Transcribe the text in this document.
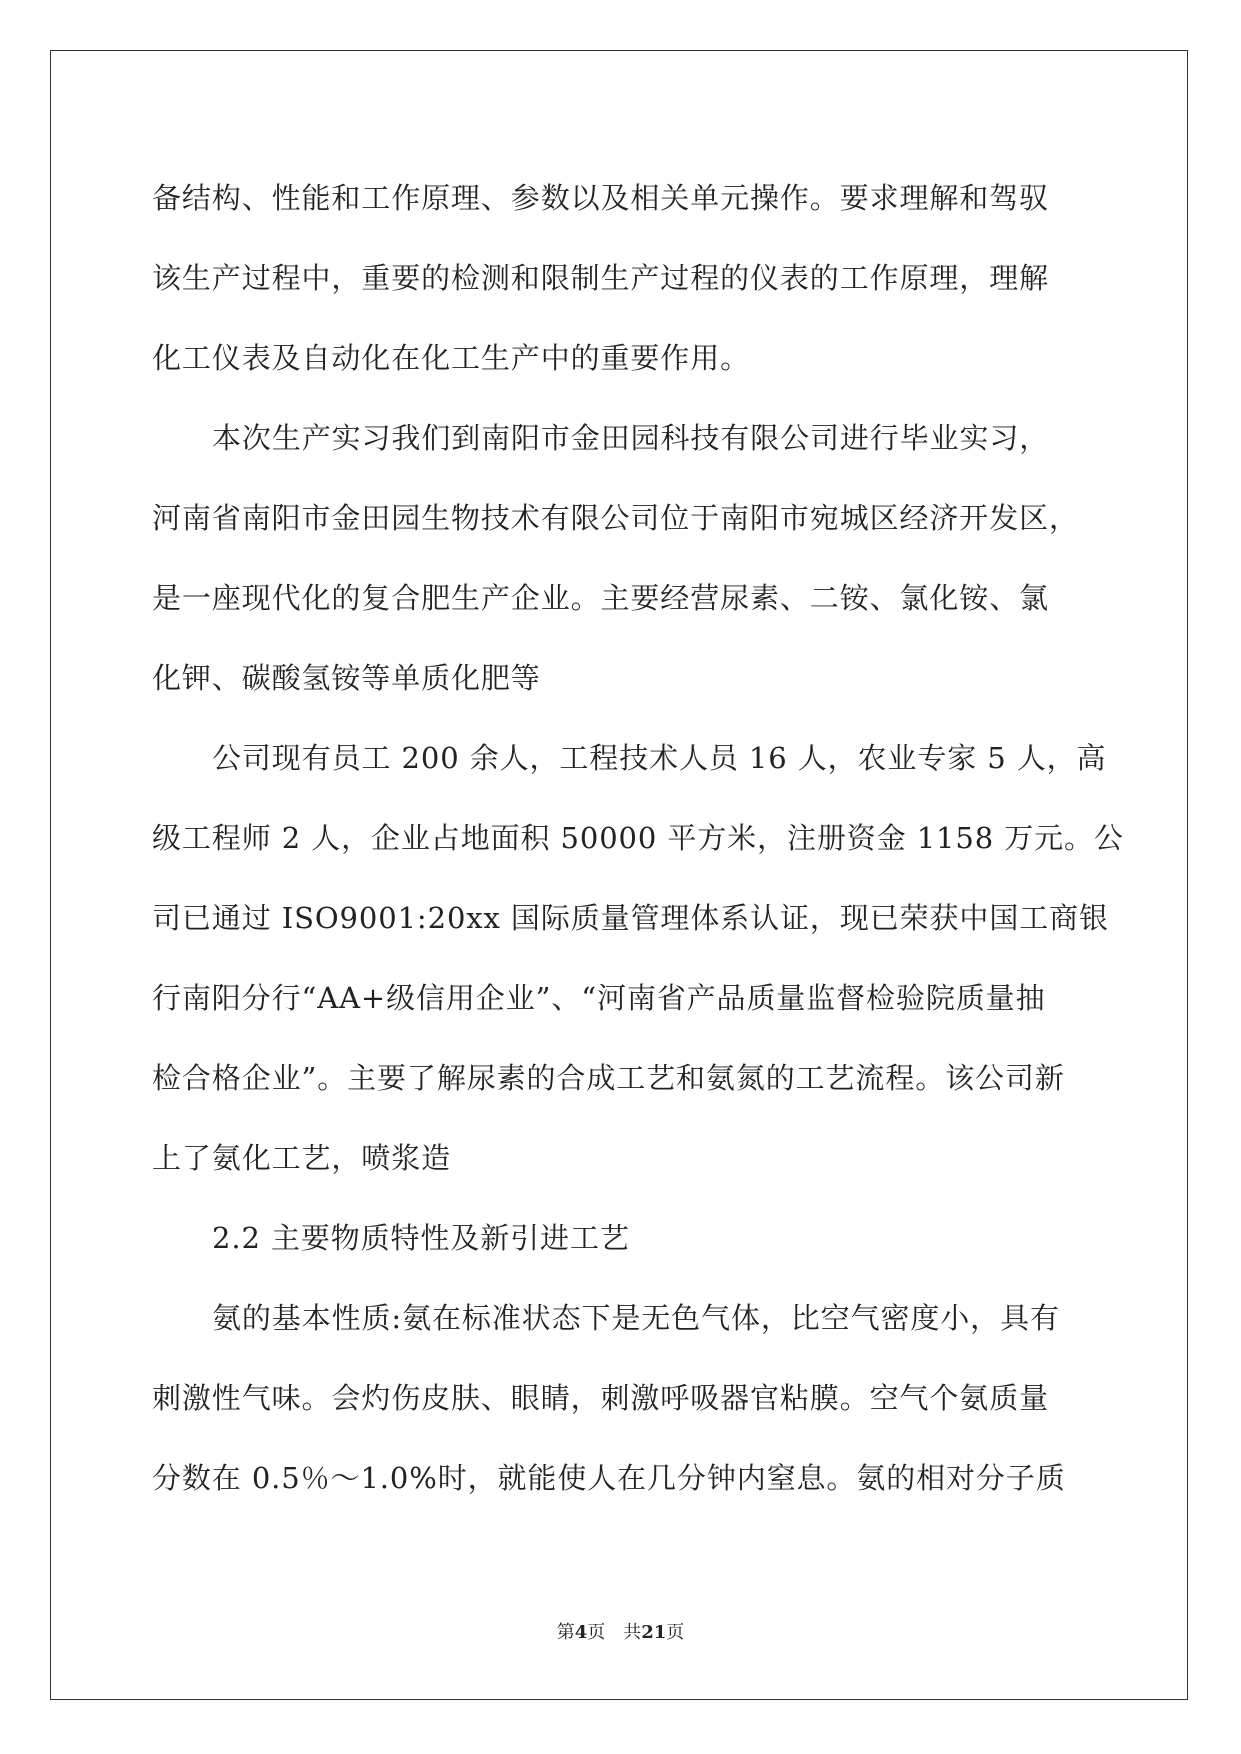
备结构、性能和工作原理、参数以及相关单元操作。要求理解和驾驭
该生产过程中，重要的检测和限制生产过程的仪表的工作原理，理解
化工仪表及自动化在化工生产中的重要作用。
本次生产实习我们到南阳市金田园科技有限公司进行毕业实习，
河南省南阳市金田园生物技术有限公司位于南阳市宛城区经济开发区，
是一座现代化的复合肥生产企业。主要经营尿素、二铵、氯化铵、氯
化钾、碳酸氢铵等单质化肥等
公司现有员工 200 余人，工程技术人员 16 人，农业专家 5 人，高
级工程师 2 人，企业占地面积 50000 平方米，注册资金 1158 万元。公
司已通过 ISO9001:20xx 国际质量管理体系认证，现已荣获中国工商银
行南阳分行“AA+级信用企业”、“河南省产品质量监督检验院质量抽
检合格企业”。主要了解尿素的合成工艺和氨氮的工艺流程。该公司新
上了氨化工艺，喷浆造
2.2 主要物质特性及新引进工艺
氨的基本性质:氨在标准状态下是无色气体，比空气密度小，具有
刺激性气味。会灼伤皮肤、眼睛，刺激呼吸器官粘膜。空气个氨质量
分数在 0.5％～1.0%时，就能使人在几分钟内窒息。氨的相对分子质
第4页　共21页
